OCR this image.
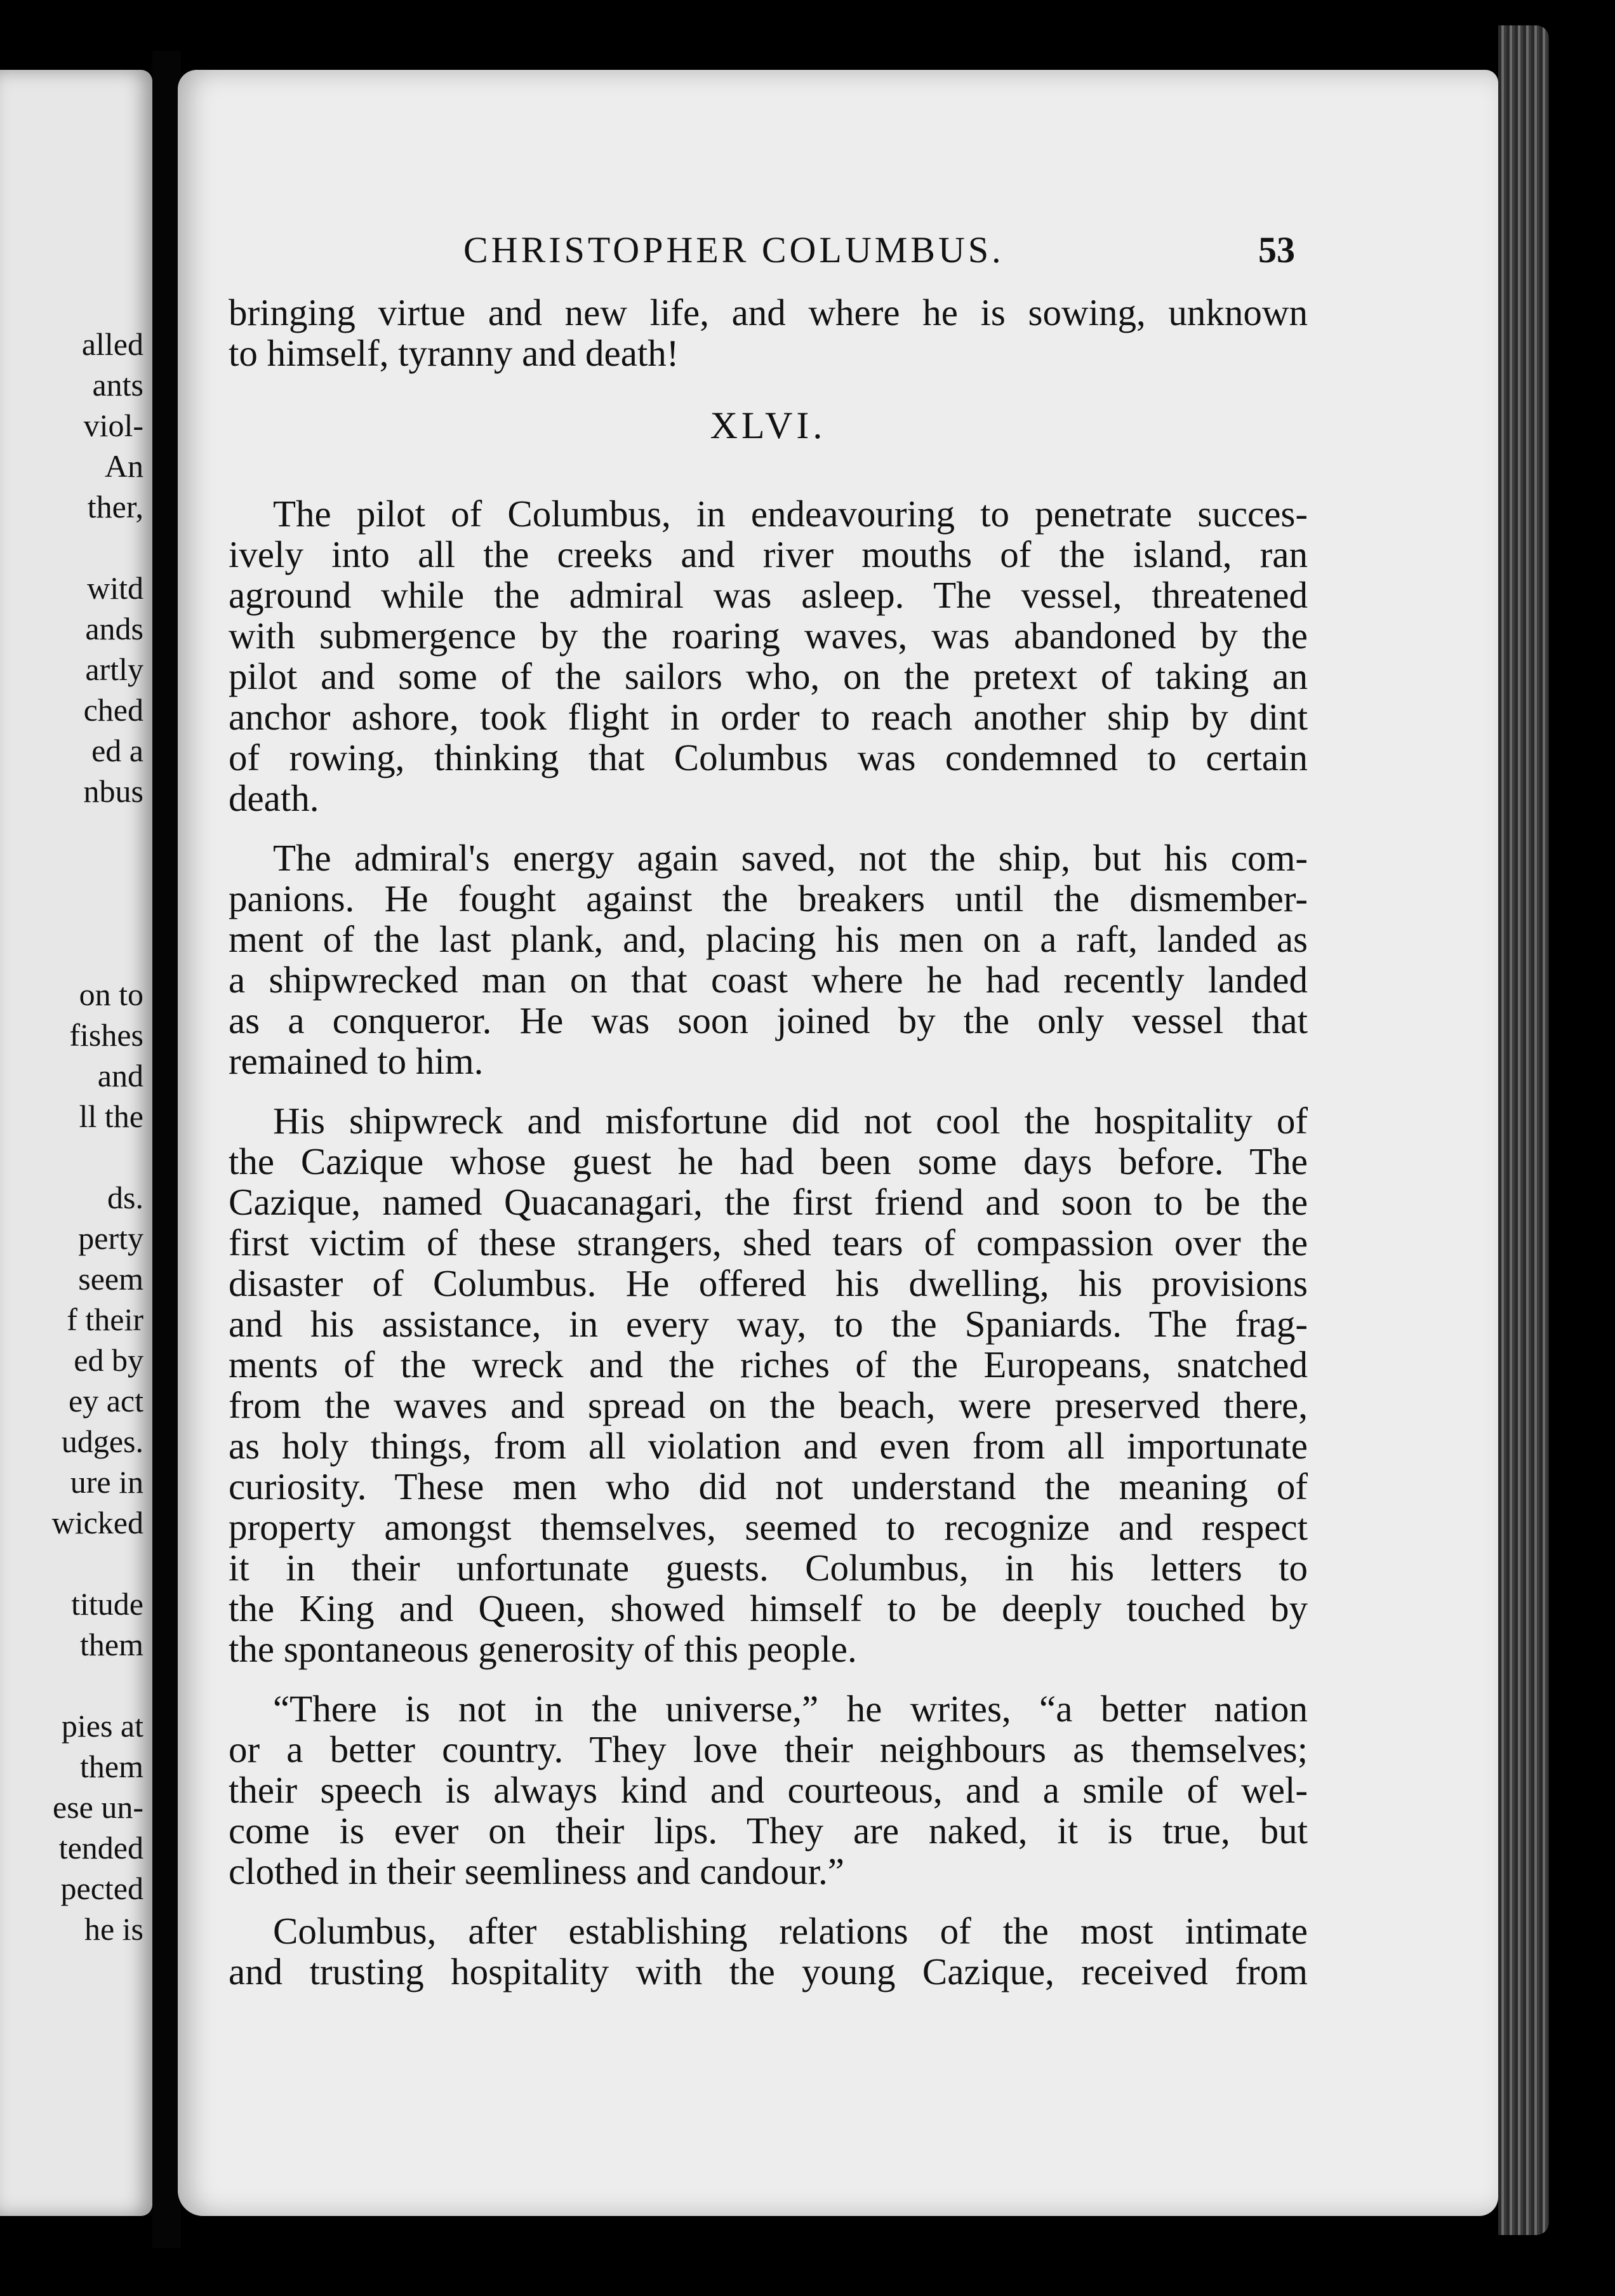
alled
ants
viol-
An
ther,
witd
ands
artly
ched
ed a
nbus
on to
fishes
and
ll the
ds.
perty
seem
f their
ed by
ey act
udges.
ure in
wicked
titude
them
pies at
them
ese un-
tended
pected
he is
CHRISTOPHER COLUMBUS.	53
bringing virtue and new life, and where he is sowing, unknown
to himself, tyranny and death!
XLVI.
The pilot of Columbus, in endeavouring to penetrate succes-
ively into all the creeks and river mouths of the island, ran
aground while the admiral was asleep. The vessel, threatened
with submergence by the roaring waves, was abandoned by the
pilot and some of the sailors who, on the pretext of taking an
anchor ashore, took flight in order to reach another ship by dint
of rowing, thinking that Columbus was condemned to certain
death.
The admiral's energy again saved, not the ship, but his com-
panions. He fought against the breakers until the dismember-
ment of the last plank, and, placing his men on a raft, landed as
a shipwrecked man on that coast where he had recently landed
as a conqueror. He was soon joined by the only vessel that
remained to him.
His shipwreck and misfortune did not cool the hospitality of
the Cazique whose guest he had been some days before. The
Cazique, named Quacanagari, the first friend and soon to be the
first victim of these strangers, shed tears of compassion over the
disaster of Columbus. He offered his dwelling, his provisions
and his assistance, in every way, to the Spaniards. The frag-
ments of the wreck and the riches of the Europeans, snatched
from the waves and spread on the beach, were preserved there,
as holy things, from all violation and even from all importunate
curiosity. These men who did not understand the meaning of
property amongst themselves, seemed to recognize and respect
it in their unfortunate guests. Columbus, in his letters to
the King and Queen, showed himself to be deeply touched by
the spontaneous generosity of this people.
“There is not in the universe,” he writes, “a better nation
or a better country. They love their neighbours as themselves;
their speech is always kind and courteous, and a smile of wel-
come is ever on their lips. They are naked, it is true, but
clothed in their seemliness and candour.”
Columbus, after establishing relations of the most intimate
and trusting hospitality with the young Cazique, received from
